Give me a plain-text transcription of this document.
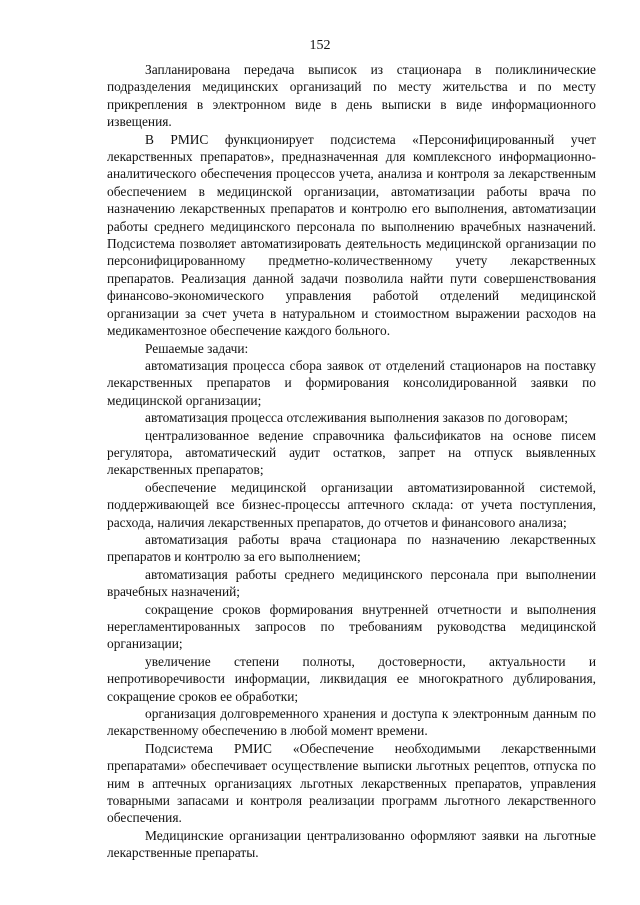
152

Запланирована передача выписок из стационара в поликлинические подразделения медицинских организаций по месту жительства и по месту прикрепления в электронном виде в день выписки в виде информационного извещения.

В РМИС функционирует подсистема «Персонифицированный учет лекарственных препаратов», предназначенная для комплексного информационно-аналитического обеспечения процессов учета, анализа и контроля за лекарственным обеспечением в медицинской организации, автоматизации работы врача по назначению лекарственных препаратов и контролю его выполнения, автоматизации работы среднего медицинского персонала по выполнению врачебных назначений. Подсистема позволяет автоматизировать деятельность медицинской организации по персонифицированному предметно-количественному учету лекарственных препаратов. Реализация данной задачи позволила найти пути совершенствования финансово-экономического управления работой отделений медицинской организации за счет учета в натуральном и стоимостном выражении расходов на медикаментозное обеспечение каждого больного.

Решаемые задачи:

автоматизация процесса сбора заявок от отделений стационаров на поставку лекарственных препаратов и формирования консолидированной заявки по медицинской организации;

автоматизация процесса отслеживания выполнения заказов по договорам;

централизованное ведение справочника фальсификатов на основе писем регулятора, автоматический аудит остатков, запрет на отпуск выявленных лекарственных препаратов;

обеспечение медицинской организации автоматизированной системой, поддерживающей все бизнес-процессы аптечного склада: от учета поступления, расхода, наличия лекарственных препаратов, до отчетов и финансового анализа;

автоматизация работы врача стационара по назначению лекарственных препаратов и контролю за его выполнением;

автоматизация работы среднего медицинского персонала при выполнении врачебных назначений;

сокращение сроков формирования внутренней отчетности и выполнения нерегламентированных запросов по требованиям руководства медицинской организации;

увеличение степени полноты, достоверности, актуальности и непротиворечивости информации, ликвидация ее многократного дублирования, сокращение сроков ее обработки;

организация долговременного хранения и доступа к электронным данным по лекарственному обеспечению в любой момент времени.

Подсистема РМИС «Обеспечение необходимыми лекарственными препаратами» обеспечивает осуществление выписки льготных рецептов, отпуска по ним в аптечных организациях льготных лекарственных препаратов, управления товарными запасами и контроля реализации программ льготного лекарственного обеспечения.

Медицинские организации централизованно оформляют заявки на льготные лекарственные препараты.
